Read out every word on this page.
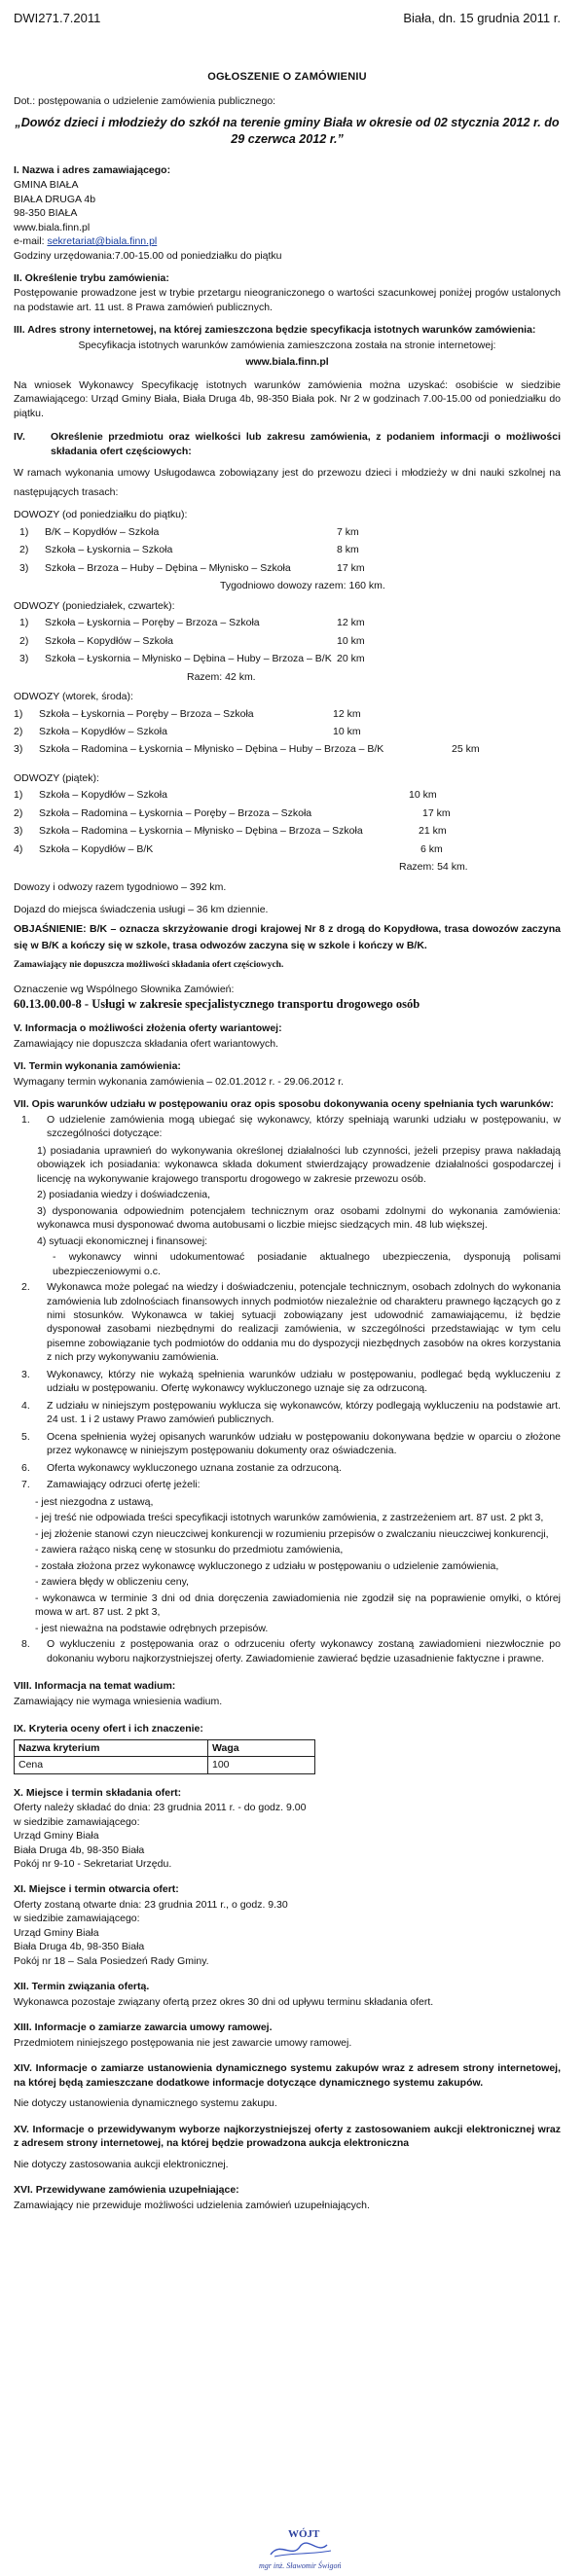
DWI271.7.2011	Biała, dn. 15 grudnia 2011 r.
OGŁOSZENIE O ZAMÓWIENIU

Dot.: postępowania o udzielenie zamówienia publicznego:

„Dowóz dzieci i młodzieży do szkół na terenie gminy Biała w okresie od 02 stycznia 2012 r. do 29 czerwca 2012 r.”

I. Nazwa i adres zamawiającego:
GMINA BIAŁA
BIAŁA DRUGA 4b
98-350 BIAŁA
www.biala.finn.pl
e-mail: sekretariat@biala.finn.pl
Godziny urzędowania:7.00-15.00 od poniedziałku do piątku
II. Określenie trybu zamówienia:

Postępowanie prowadzone jest w trybie przetargu nieograniczonego o wartości szacunkowej poniżej progów ustalonych na podstawie art. 11 ust. 8 Prawa zamówień publicznych.

III. Adres strony internetowej, na której zamieszczona będzie specyfikacja istotnych warunków zamówienia:

Specyfikacja istotnych warunków zamówienia zamieszczona została na stronie internetowej:

www.biala.finn.pl

Na wniosek Wykonawcy Specyfikację istotnych warunków zamówienia można uzyskać: osobiście w siedzibie Zamawiającego: Urząd Gminy Biała, Biała Druga 4b, 98-350 Biała pok. Nr 2 w godzinach 7.00-15.00 od poniedziałku do piątku.

IV.	Określenie przedmiotu oraz wielkości lub zakresu zamówienia, z podaniem informacji o możliwości składania ofert częściowych:

W ramach wykonania umowy Usługodawca zobowiązany jest do przewozu dzieci i młodzieży w dni nauki szkolnej na następujących trasach:

DOWOZY (od poniedziałku do piątku):
1)	B/K – Kopydłów – Szkoła	7 km
2)	Szkoła – Łyskornia – Szkoła	8 km
3)	Szkoła – Brzoza – Huby – Dębina – Młynisko – Szkoła	17 km
Tygodniowo dowozy razem: 160 km.
ODWOZY (poniedziałek, czwartek):
1)	Szkoła – Łyskornia – Poręby – Brzoza – Szkoła	12 km
2)	Szkoła – Kopydłów – Szkoła	10 km
3)	Szkoła – Łyskornia – Młynisko – Dębina – Huby – Brzoza – B/K 20 km
Razem: 42 km.
ODWOZY (wtorek, środa):
1)	Szkoła – Łyskornia – Poręby – Brzoza – Szkoła	12 km
2)	Szkoła – Kopydłów – Szkoła	10 km
3)	Szkoła – Radomina – Łyskornia – Młynisko – Dębina – Huby – Brzoza – B/K	25 km
ODWOZY (piątek):
1)	Szkoła – Kopydłów – Szkoła	10 km
2)	Szkoła – Radomina – Łyskornia – Poręby – Brzoza – Szkoła	17 km
3)	Szkoła – Radomina – Łyskornia – Młynisko – Dębina – Brzoza – Szkoła	21 km
4)	Szkoła – Kopydłów – B/K	6 km
Razem: 54 km.

Dowozy i odwozy razem tygodniowo – 392 km.

Dojazd do miejsca świadczenia usługi – 36 km dziennie.

OBJAŚNIENIE: B/K – oznacza skrzyżowanie drogi krajowej Nr 8 z drogą do Kopydłowa, trasa dowozów zaczyna się w B/K a kończy się w szkole, trasa odwozów zaczyna się w szkole i kończy w B/K.

Zamawiający nie dopuszcza możliwości składania ofert częściowych.

Oznaczenie wg Wspólnego Słownika Zamówień:

60.13.00.00-8 - Usługi w zakresie specjalistycznego transportu drogowego osób

V. Informacja o możliwości złożenia oferty wariantowej:

Zamawiający nie dopuszcza składania ofert wariantowych.

VI. Termin wykonania zamówienia:

Wymagany termin wykonania zamówienia – 02.01.2012 r. - 29.06.2012 r.

VII. Opis warunków udziału w postępowaniu oraz opis sposobu dokonywania oceny spełniania tych warunków:
1.	O udzielenie zamówienia mogą ubiegać się wykonawcy, którzy spełniają warunki udziału w postępowaniu, w szczególności dotyczące:
1) posiadania uprawnień do wykonywania określonej działalności lub czynności, jeżeli przepisy prawa nakładają obowiązek ich posiadania: wykonawca składa dokument stwierdzający prowadzenie działalności gospodarczej i licencję na wykonywanie krajowego transportu drogowego w zakresie przewozu osób.
2) posiadania wiedzy i doświadczenia,
3) dysponowania odpowiednim potencjałem technicznym oraz osobami zdolnymi do wykonania zamówienia: wykonawca musi dysponować dwoma autobusami o liczbie miejsc siedzących min. 48 lub większej.
4) sytuacji ekonomicznej i finansowej:
- wykonawcy winni udokumentować posiadanie aktualnego ubezpieczenia, dysponują polisami ubezpieczeniowymi o.c.
2.	Wykonawca może polegać na wiedzy i doświadczeniu, potencjale technicznym, osobach zdolnych do wykonania zamówienia lub zdolnościach finansowych innych podmiotów niezależnie od charakteru prawnego łączących go z nimi stosunków. Wykonawca w takiej sytuacji zobowiązany jest udowodnić zamawiającemu, iż będzie dysponował zasobami niezbędnymi do realizacji zamówienia, w szczególności przedstawiając w tym celu pisemne zobowiązanie tych podmiotów do oddania mu do dyspozycji niezbędnych zasobów na okres korzystania z nich przy wykonywaniu zamówienia.
3.	Wykonawcy, którzy nie wykażą spełnienia warunków udziału w postępowaniu, podlegać będą wykluczeniu z udziału w postępowaniu. Ofertę wykonawcy wykluczonego uznaje się za odrzuconą.
4.	Z udziału w niniejszym postępowaniu wyklucza się wykonawców, którzy podlegają wykluczeniu na podstawie art. 24 ust. 1 i 2 ustawy Prawo zamówień publicznych.
5.	Ocena spełnienia wyżej opisanych warunków udziału w postępowaniu dokonywana będzie w oparciu o złożone przez wykonawcę w niniejszym postępowaniu dokumenty oraz oświadczenia.
6.	Oferta wykonawcy wykluczonego uznana zostanie za odrzuconą.
7.	Zamawiający odrzuci ofertę jeżeli:
- jest niezgodna z ustawą,
- jej treść nie odpowiada treści specyfikacji istotnych warunków zamówienia, z zastrzeżeniem art. 87 ust. 2 pkt 3,
- jej złożenie stanowi czyn nieuczciwej konkurencji w rozumieniu przepisów o zwalczaniu nieuczciwej konkurencji,
- zawiera rażąco niską cenę w stosunku do przedmiotu zamówienia,
- została złożona przez wykonawcę wykluczonego z udziału w postępowaniu o udzielenie zamówienia,
- zawiera błędy w obliczeniu ceny,
- wykonawca w terminie 3 dni od dnia doręczenia zawiadomienia nie zgodził się na poprawienie omyłki, o której mowa w art. 87 ust. 2 pkt 3,
- jest nieważna na podstawie odrębnych przepisów.
8.	O wykluczeniu z postępowania oraz o odrzuceniu oferty wykonawcy zostaną zawiadomieni niezwłocznie po dokonaniu wyboru najkorzystniejszej oferty. Zawiadomienie zawierać będzie uzasadnienie faktyczne i prawne.
VIII. Informacja na temat wadium:

Zamawiający nie wymaga wniesienia wadium.

IX. Kryteria oceny ofert i ich znaczenie:
Nazwa kryterium	Waga
Cena	100
X. Miejsce i termin składania ofert:
Oferty należy składać do dnia: 23 grudnia 2011 r. - do godz. 9.00
w siedzibie zamawiającego:
Urząd Gminy Biała
Biała Druga 4b, 98-350 Biała
Pokój nr 9-10 - Sekretariat Urzędu.
XI. Miejsce i termin otwarcia ofert:
Oferty zostaną otwarte dnia: 23 grudnia 2011 r., o godz. 9.30
w siedzibie zamawiającego:
Urząd Gminy Biała
Biała Druga 4b, 98-350 Biała
Pokój nr 18 – Sala Posiedzeń Rady Gminy.
XII. Termin związania ofertą.

Wykonawca pozostaje związany ofertą przez okres 30 dni od upływu terminu składania ofert.

XIII. Informacje o zamiarze zawarcia umowy ramowej.

Przedmiotem niniejszego postępowania nie jest zawarcie umowy ramowej.

XIV. Informacje o zamiarze ustanowienia dynamicznego systemu zakupów wraz z adresem strony internetowej, na której będą zamieszczane dodatkowe informacje dotyczące dynamicznego systemu zakupów.

Nie dotyczy ustanowienia dynamicznego systemu zakupu.

XV. Informacje o przewidywanym wyborze najkorzystniejszej oferty z zastosowaniem aukcji elektronicznej wraz z adresem strony internetowej, na której będzie prowadzona aukcja elektroniczna

Nie dotyczy zastosowania aukcji elektronicznej.

XVI. Przewidywane zamówienia uzupełniające:

Zamawiający nie przewiduje możliwości udzielenia zamówień uzupełniających.

WÓJT
mgr inż. Sławomir Świgoń
